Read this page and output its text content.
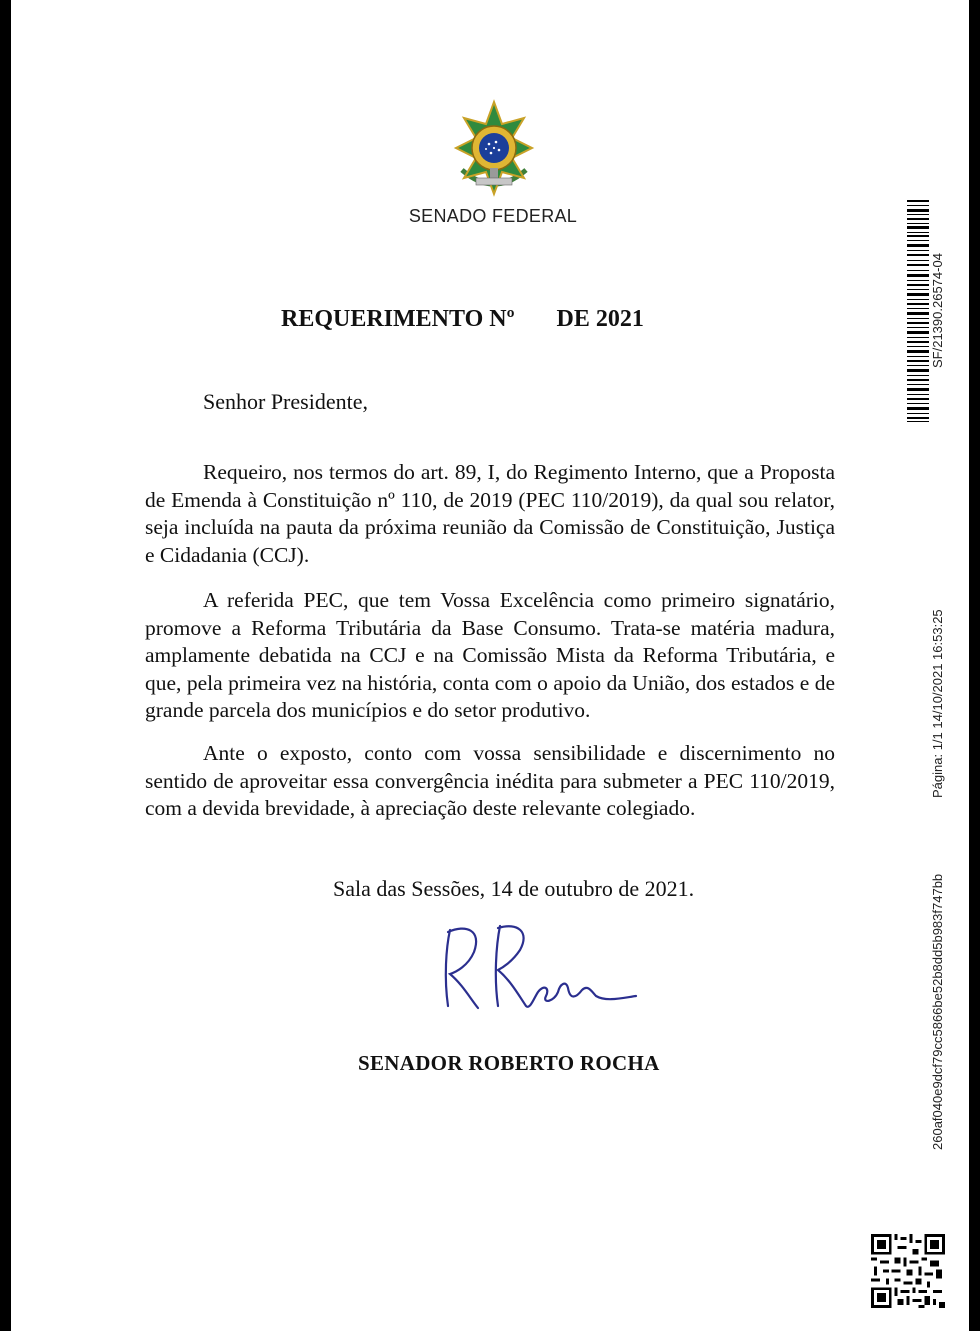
SENADO FEDERAL
REQUERIMENTO Nº       DE 2021
Senhor Presidente,

Requeiro, nos termos do art. 89, I, do Regimento Interno, que a Proposta de Emenda à Constituição nº 110, de 2019 (PEC 110/2019), da qual sou relator, seja incluída na pauta da próxima reunião da Comissão de Constituição, Justiça e Cidadania (CCJ).

A referida PEC, que tem Vossa Excelência como primeiro signatário, promove a Reforma Tributária da Base Consumo. Trata-se matéria madura, amplamente debatida na CCJ e na Comissão Mista da Reforma Tributária, e que, pela primeira vez na história, conta com o apoio da União, dos estados e de grande parcela dos municípios e do setor produtivo.

Ante o exposto, conto com vossa sensibilidade e discernimento no sentido de aproveitar essa convergência inédita para submeter a PEC 110/2019, com a devida brevidade, à apreciação deste relevante colegiado.

Sala das Sessões, 14 de outubro de 2021.
SENADOR ROBERTO ROCHA
SF/21390.26574-04
Página: 1/1 14/10/2021 16:53:25
260af040e9dcf79cc5866be52b8dd5b983f747bb
